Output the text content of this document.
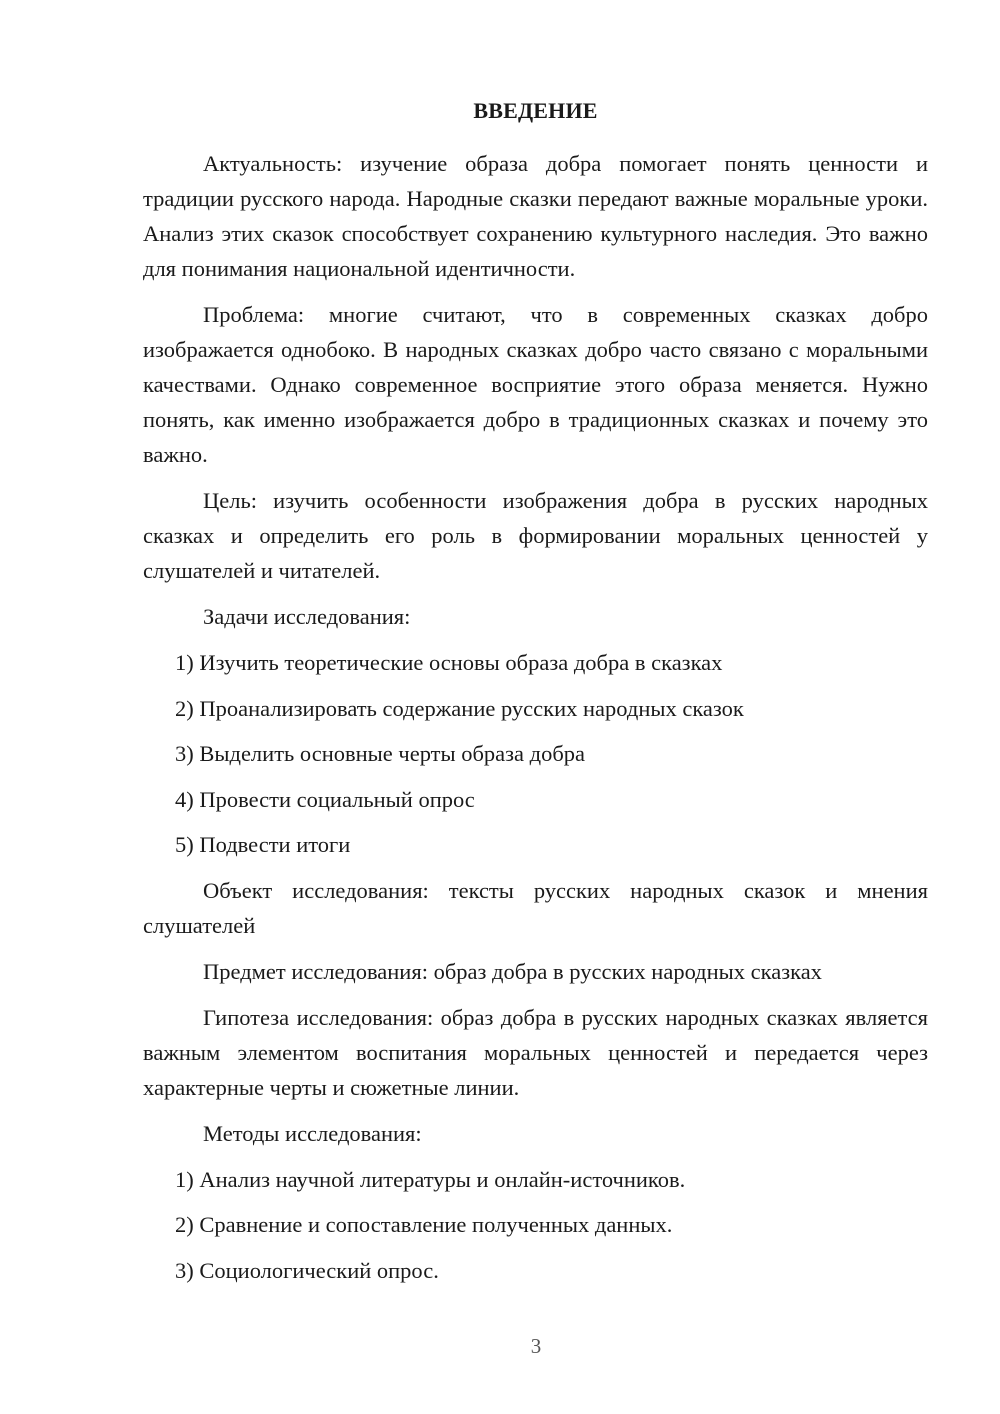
ВВЕДЕНИЕ

Актуальность: изучение образа добра помогает понять ценности и традиции русского народа. Народные сказки передают важные моральные уроки. Анализ этих сказок способствует сохранению культурного наследия. Это важно для понимания национальной идентичности.

Проблема: многие считают, что в современных сказках добро изображается однобоко. В народных сказках добро часто связано с моральными качествами. Однако современное восприятие этого образа меняется. Нужно понять, как именно изображается добро в традиционных сказках и почему это важно.

Цель: изучить особенности изображения добра в русских народных сказках и определить его роль в формировании моральных ценностей у слушателей и читателей.

Задачи исследования:

1) Изучить теоретические основы образа добра в сказках
2) Проанализировать содержание русских народных сказок
3) Выделить основные черты образа добра
4) Провести социальный опрос
5) Подвести итоги

Объект исследования: тексты русских народных сказок и мнения слушателей

Предмет исследования: образ добра в русских народных сказках

Гипотеза исследования: образ добра в русских народных сказках является важным элементом воспитания моральных ценностей и передается через характерные черты и сюжетные линии.

Методы исследования:

1) Анализ научной литературы и онлайн-источников.
2) Сравнение и сопоставление полученных данных.
3) Социологический опрос.
3
